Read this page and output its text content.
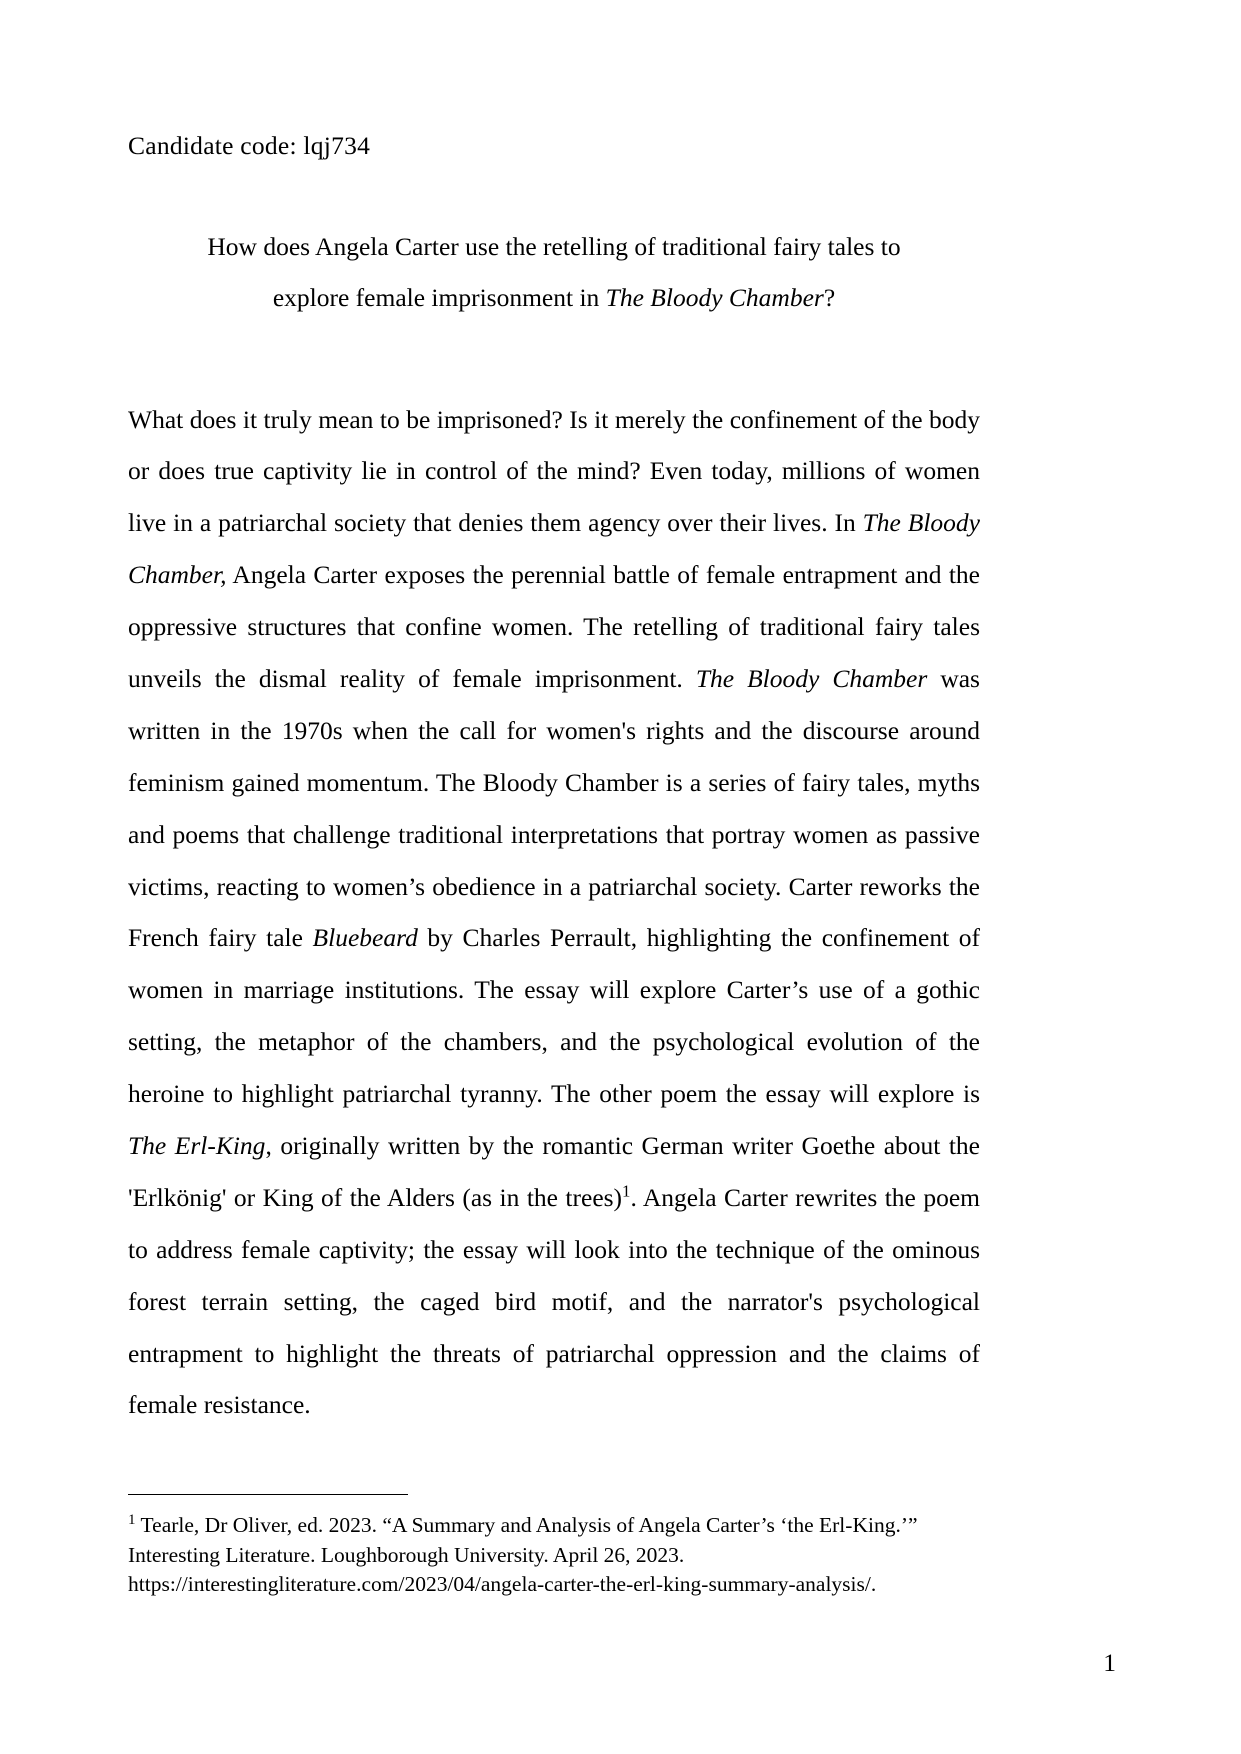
Candidate code: lqj734
How does Angela Carter use the retelling of traditional fairy tales to explore female imprisonment in The Bloody Chamber?

What does it truly mean to be imprisoned? Is it merely the confinement of the body or does true captivity lie in control of the mind? Even today, millions of women live in a patriarchal society that denies them agency over their lives. In The Bloody Chamber, Angela Carter exposes the perennial battle of female entrapment and the oppressive structures that confine women. The retelling of traditional fairy tales unveils the dismal reality of female imprisonment. The Bloody Chamber was written in the 1970s when the call for women's rights and the discourse around feminism gained momentum. The Bloody Chamber is a series of fairy tales, myths and poems that challenge traditional interpretations that portray women as passive victims, reacting to women’s obedience in a patriarchal society. Carter reworks the French fairy tale Bluebeard by Charles Perrault, highlighting the confinement of women in marriage institutions. The essay will explore Carter’s use of a gothic setting, the metaphor of the chambers, and the psychological evolution of the heroine to highlight patriarchal tyranny. The other poem the essay will explore is The Erl-King, originally written by the romantic German writer Goethe about the 'Erlkönig' or King of the Alders (as in the trees)$^1$. Angela Carter rewrites the poem to address female captivity; the essay will look into the technique of the ominous forest terrain setting, the caged bird motif, and the narrator's psychological entrapment to highlight the threats of patriarchal oppression and the claims of female resistance.

$^1$ Tearle, Dr Oliver, ed. 2023. “A Summary and Analysis of Angela Carter’s ‘the Erl-King.’”
Interesting Literature. Loughborough University. April 26, 2023.
https://interestingliterature.com/2023/04/angela-carter-the-erl-king-summary-analysis/.
1
